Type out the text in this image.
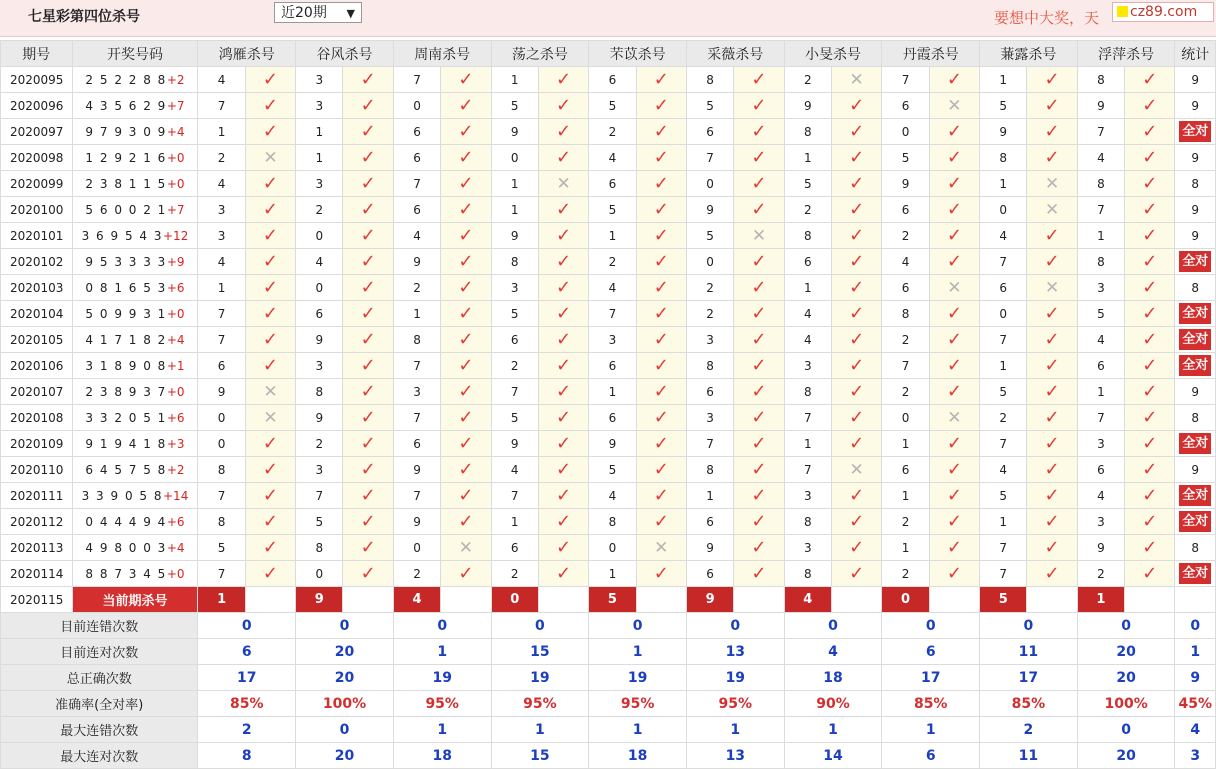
七星彩第四位杀号	近20期 ▼	要想中大奖，天	cz89.com
期号	开奖号码	鸿雁杀号		谷风杀号		周南杀号		荡之杀号		芣苡杀号		采薇杀号		小旻杀号		丹霞杀号		蒹露杀号		浮萍杀号		统计
2020095	2 5 2 2 8 8+2	4	✓	3	✓	7	✓	1	✓	6	✓	8	✓	2	✕	7	✓	1	✓	8	✓	9
2020096	4 3 5 6 2 9+7	7	✓	3	✓	0	✓	5	✓	5	✓	5	✓	9	✓	6	✕	5	✓	9	✓	9
2020097	9 7 9 3 0 9+4	1	✓	1	✓	6	✓	9	✓	2	✓	6	✓	8	✓	0	✓	9	✓	7	✓	全对
2020098	1 2 9 2 1 6+0	2	✕	1	✓	6	✓	0	✓	4	✓	7	✓	1	✓	5	✓	8	✓	4	✓	9
2020099	2 3 8 1 1 5+0	4	✓	3	✓	7	✓	1	✕	6	✓	0	✓	5	✓	9	✓	1	✕	8	✓	8
2020100	5 6 0 0 2 1+7	3	✓	2	✓	6	✓	1	✓	5	✓	9	✓	2	✓	6	✓	0	✕	7	✓	9
2020101	3 6 9 5 4 3+12	3	✓	0	✓	4	✓	9	✓	1	✓	5	✕	8	✓	2	✓	4	✓	1	✓	9
2020102	9 5 3 3 3 3+9	4	✓	4	✓	9	✓	8	✓	2	✓	0	✓	6	✓	4	✓	7	✓	8	✓	全对
2020103	0 8 1 6 5 3+6	1	✓	0	✓	2	✓	3	✓	4	✓	2	✓	1	✓	6	✕	6	✕	3	✓	8
2020104	5 0 9 9 3 1+0	7	✓	6	✓	1	✓	5	✓	7	✓	2	✓	4	✓	8	✓	0	✓	5	✓	全对
2020105	4 1 7 1 8 2+4	7	✓	9	✓	8	✓	6	✓	3	✓	3	✓	4	✓	2	✓	7	✓	4	✓	全对
2020106	3 1 8 9 0 8+1	6	✓	3	✓	7	✓	2	✓	6	✓	8	✓	3	✓	7	✓	1	✓	6	✓	全对
2020107	2 3 8 9 3 7+0	9	✕	8	✓	3	✓	7	✓	1	✓	6	✓	8	✓	2	✓	5	✓	1	✓	9
2020108	3 3 2 0 5 1+6	0	✕	9	✓	7	✓	5	✓	6	✓	3	✓	7	✓	0	✕	2	✓	7	✓	8
2020109	9 1 9 4 1 8+3	0	✓	2	✓	6	✓	9	✓	9	✓	7	✓	1	✓	1	✓	7	✓	3	✓	全对
2020110	6 4 5 7 5 8+2	8	✓	3	✓	9	✓	4	✓	5	✓	8	✓	7	✕	6	✓	4	✓	6	✓	9
2020111	3 3 9 0 5 8+14	7	✓	7	✓	7	✓	7	✓	4	✓	1	✓	3	✓	1	✓	5	✓	4	✓	全对
2020112	0 4 4 4 9 4+6	8	✓	5	✓	9	✓	1	✓	8	✓	6	✓	8	✓	2	✓	1	✓	3	✓	全对
2020113	4 9 8 0 0 3+4	5	✓	8	✓	0	✕	6	✓	0	✕	9	✓	3	✓	1	✓	7	✓	9	✓	8
2020114	8 8 7 3 4 5+0	7	✓	0	✓	2	✓	2	✓	1	✓	6	✓	8	✓	2	✓	7	✓	2	✓	全对
2020115	当前期杀号	1		9		4		0		5		9		4		0		5		1		
目前连错次数		0		0		0		0		0		0		0		0		0		0		0
目前连对次数		6		20		1		15		1		13		4		6		11		20		1
总正确次数		17		20		19		19		19		19		18		17		17		20		9
准确率(全对率)		85%		100%		95%		95%		95%		95%		90%		85%		85%		100%		45%
最大连错次数		2		0		1		1		1		1		1		1		2		0		4
最大连对次数		8		20		18		15		18		13		14		6		11		20		3
